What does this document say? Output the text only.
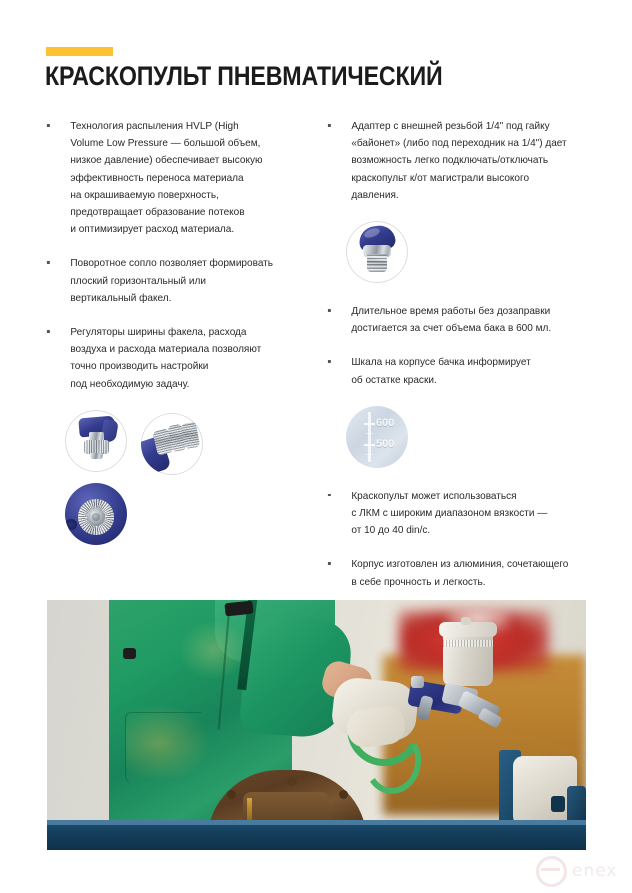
КРАСКОПУЛЬТ ПНЕВМАТИЧЕСКИЙ
Технология распыления HVLP (High
Volume Low Pressure — большой объем,
низкое давление) обеспечивает высокую
эффективность переноса материала
на окрашиваемую поверхность,
предотвращает образование потеков
и оптимизирует расход материала.
Поворотное сопло позволяет формировать
плоский горизонтальный или
вертикальный факел.
Регуляторы ширины факела, расхода
воздуха и расхода материала позволяют
точно производить настройки
под необходимую задачу.
Адаптер с внешней резьбой 1/4" под гайку
«байонет» (либо под переходник на 1/4") дает
возможность легко подключать/отключать
краскопульт к/от магистрали высокого
давления.
Длительное время работы без дозаправки
достигается за счет объема бака в 600 мл.
Шкала на корпусе бачка информирует
об остатке краски.
600
500
Краскопульт может использоваться
с ЛКМ с широким диапазоном вязкости —
от 10 до 40 din/c.
Корпус изготовлен из алюминия, сочетающего
в себе прочность и легкость.
enex
